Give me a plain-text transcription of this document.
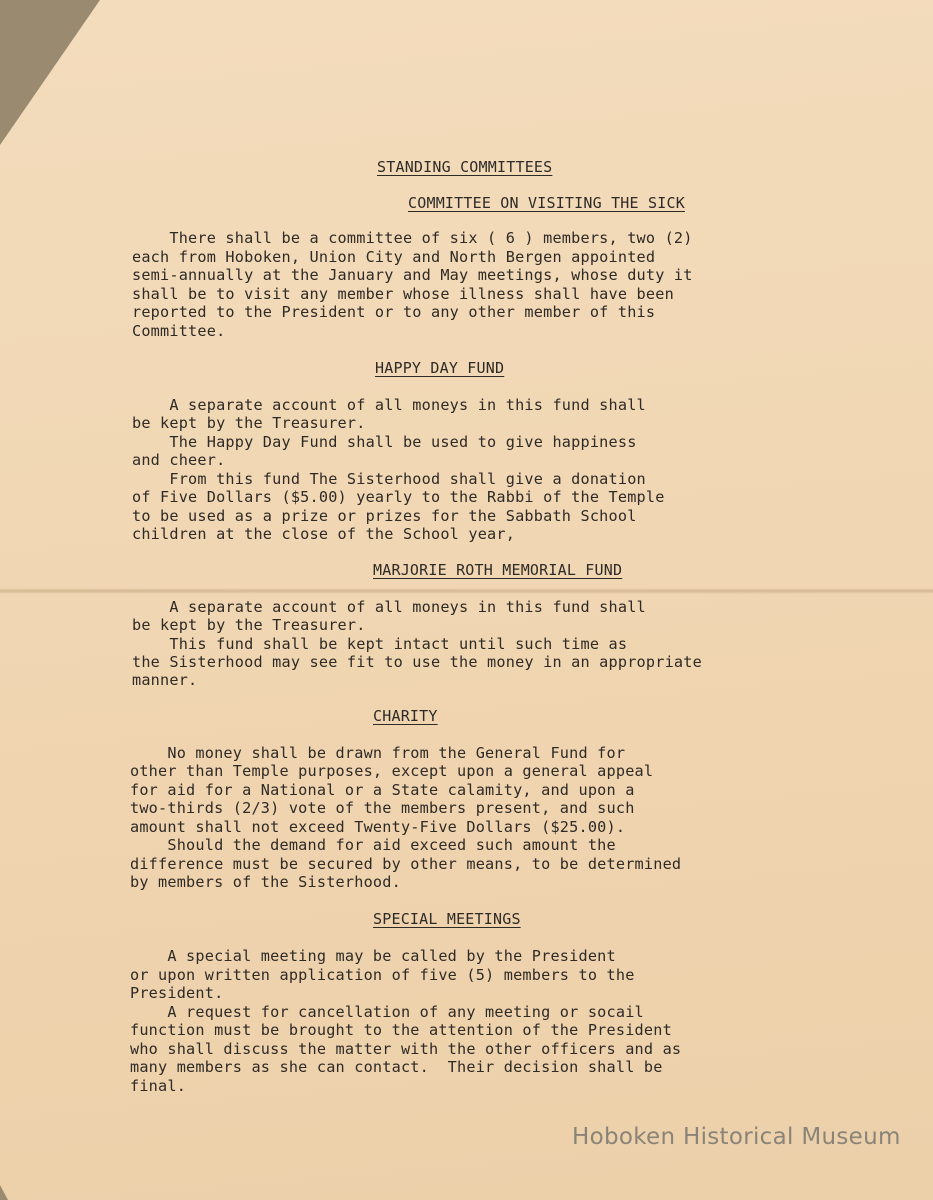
STANDING COMMITTEES
COMMITTEE ON VISITING THE SICK

There shall be a committee of six ( 6 ) members, two (2)

each from Hoboken, Union City and North Bergen appointed

semi-annually at the January and May meetings, whose duty it

shall be to visit any member whose illness shall have been

reported to the President or to any other member of this

Committee.

HAPPY DAY FUND

A separate account of all moneys in this fund shall

be kept by the Treasurer.

The Happy Day Fund shall be used to give happiness

and cheer.

From this fund The Sisterhood shall give a donation

of Five Dollars ($5.00) yearly to the Rabbi of the Temple

to be used as a prize or prizes for the Sabbath School

children at the close of the School year,

MARJORIE ROTH MEMORIAL FUND

A separate account of all moneys in this fund shall

be kept by the Treasurer.

This fund shall be kept intact until such time as

the Sisterhood may see fit to use the money in an appropriate

manner.

CHARITY

No money shall be drawn from the General Fund for

other than Temple purposes, except upon a general appeal

for aid for a National or a State calamity, and upon a

two-thirds (2/3) vote of the members present, and such

amount shall not exceed Twenty-Five Dollars ($25.00).

Should the demand for aid exceed such amount the

difference must be secured by other means, to be determined

by members of the Sisterhood.

SPECIAL MEETINGS

A special meeting may be called by the President

or upon written application of five (5) members to the

President.

A request for cancellation of any meeting or socail

function must be brought to the attention of the President

who shall discuss the matter with the other officers and as

many members as she can contact.  Their decision shall be

final.

Hoboken Historical Museum
